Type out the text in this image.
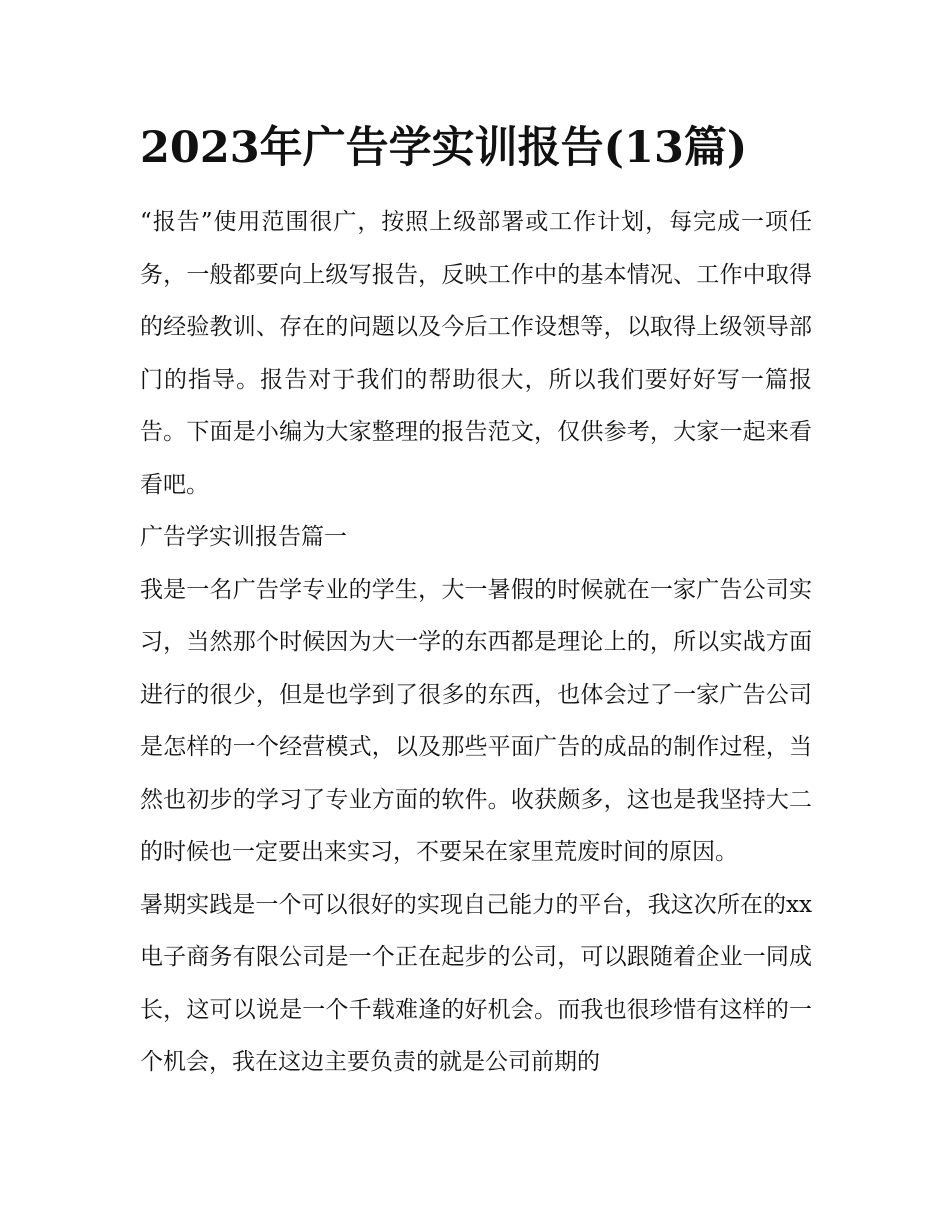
2023年广告学实训报告(13篇)

“报告”使用范围很广，按照上级部署或工作计划，每完成一项任务，一般都要向上级写报告，反映工作中的基本情况、工作中取得的经验教训、存在的问题以及今后工作设想等，以取得上级领导部门的指导。报告对于我们的帮助很大，所以我们要好好写一篇报告。下面是小编为大家整理的报告范文，仅供参考，大家一起来看看吧。

广告学实训报告篇一

我是一名广告学专业的学生，大一暑假的时候就在一家广告公司实习，当然那个时候因为大一学的东西都是理论上的，所以实战方面进行的很少，但是也学到了很多的东西，也体会过了一家广告公司是怎样的一个经营模式，以及那些平面广告的成品的制作过程，当然也初步的学习了专业方面的软件。收获颇多，这也是我坚持大二的时候也一定要出来实习，不要呆在家里荒废时间的原因。

暑期实践是一个可以很好的实现自己能力的平台，我这次所在的xx电子商务有限公司是一个正在起步的公司，可以跟随着企业一同成长，这可以说是一个千载难逢的好机会。而我也很珍惜有这样的一个机会，我在这边主要负责的就是公司前期的
